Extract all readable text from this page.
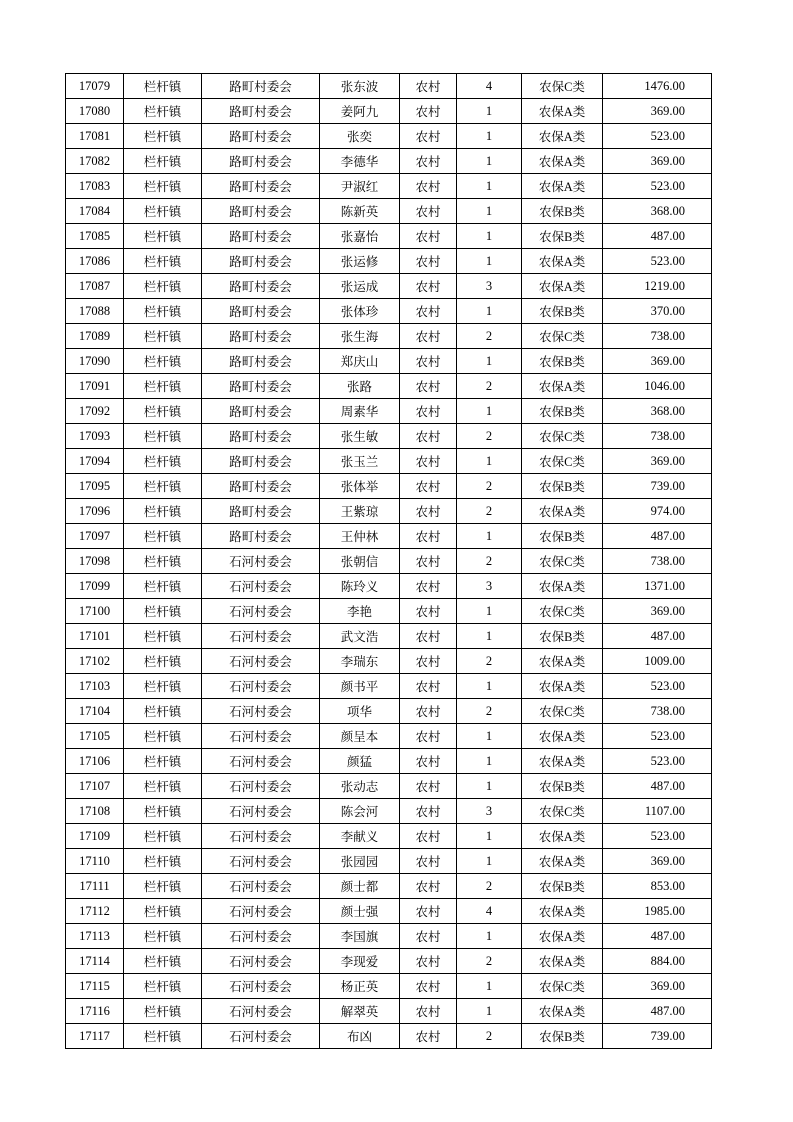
17079	栏杆镇	路町村委会	张东波	农村	4	农保C类	1476.00
17080	栏杆镇	路町村委会	姜阿九	农村	1	农保A类	369.00
17081	栏杆镇	路町村委会	张奕	农村	1	农保A类	523.00
17082	栏杆镇	路町村委会	李德华	农村	1	农保A类	369.00
17083	栏杆镇	路町村委会	尹淑红	农村	1	农保A类	523.00
17084	栏杆镇	路町村委会	陈新英	农村	1	农保B类	368.00
17085	栏杆镇	路町村委会	张嘉怡	农村	1	农保B类	487.00
17086	栏杆镇	路町村委会	张运修	农村	1	农保A类	523.00
17087	栏杆镇	路町村委会	张运成	农村	3	农保A类	1219.00
17088	栏杆镇	路町村委会	张体珍	农村	1	农保B类	370.00
17089	栏杆镇	路町村委会	张生海	农村	2	农保C类	738.00
17090	栏杆镇	路町村委会	郑庆山	农村	1	农保B类	369.00
17091	栏杆镇	路町村委会	张路	农村	2	农保A类	1046.00
17092	栏杆镇	路町村委会	周素华	农村	1	农保B类	368.00
17093	栏杆镇	路町村委会	张生敏	农村	2	农保C类	738.00
17094	栏杆镇	路町村委会	张玉兰	农村	1	农保C类	369.00
17095	栏杆镇	路町村委会	张体举	农村	2	农保B类	739.00
17096	栏杆镇	路町村委会	王紫琼	农村	2	农保A类	974.00
17097	栏杆镇	路町村委会	王仲林	农村	1	农保B类	487.00
17098	栏杆镇	石河村委会	张朝信	农村	2	农保C类	738.00
17099	栏杆镇	石河村委会	陈玲义	农村	3	农保A类	1371.00
17100	栏杆镇	石河村委会	李艳	农村	1	农保C类	369.00
17101	栏杆镇	石河村委会	武文浩	农村	1	农保B类	487.00
17102	栏杆镇	石河村委会	李瑞东	农村	2	农保A类	1009.00
17103	栏杆镇	石河村委会	颜书平	农村	1	农保A类	523.00
17104	栏杆镇	石河村委会	项华	农村	2	农保C类	738.00
17105	栏杆镇	石河村委会	颜呈本	农村	1	农保A类	523.00
17106	栏杆镇	石河村委会	颜猛	农村	1	农保A类	523.00
17107	栏杆镇	石河村委会	张动志	农村	1	农保B类	487.00
17108	栏杆镇	石河村委会	陈会河	农村	3	农保C类	1107.00
17109	栏杆镇	石河村委会	李献义	农村	1	农保A类	523.00
17110	栏杆镇	石河村委会	张园园	农村	1	农保A类	369.00
17111	栏杆镇	石河村委会	颜士都	农村	2	农保B类	853.00
17112	栏杆镇	石河村委会	颜士强	农村	4	农保A类	1985.00
17113	栏杆镇	石河村委会	李国旗	农村	1	农保A类	487.00
17114	栏杆镇	石河村委会	李现爱	农村	2	农保A类	884.00
17115	栏杆镇	石河村委会	杨正英	农村	1	农保C类	369.00
17116	栏杆镇	石河村委会	解翠英	农村	1	农保A类	487.00
17117	栏杆镇	石河村委会	布凶	农村	2	农保B类	739.00
